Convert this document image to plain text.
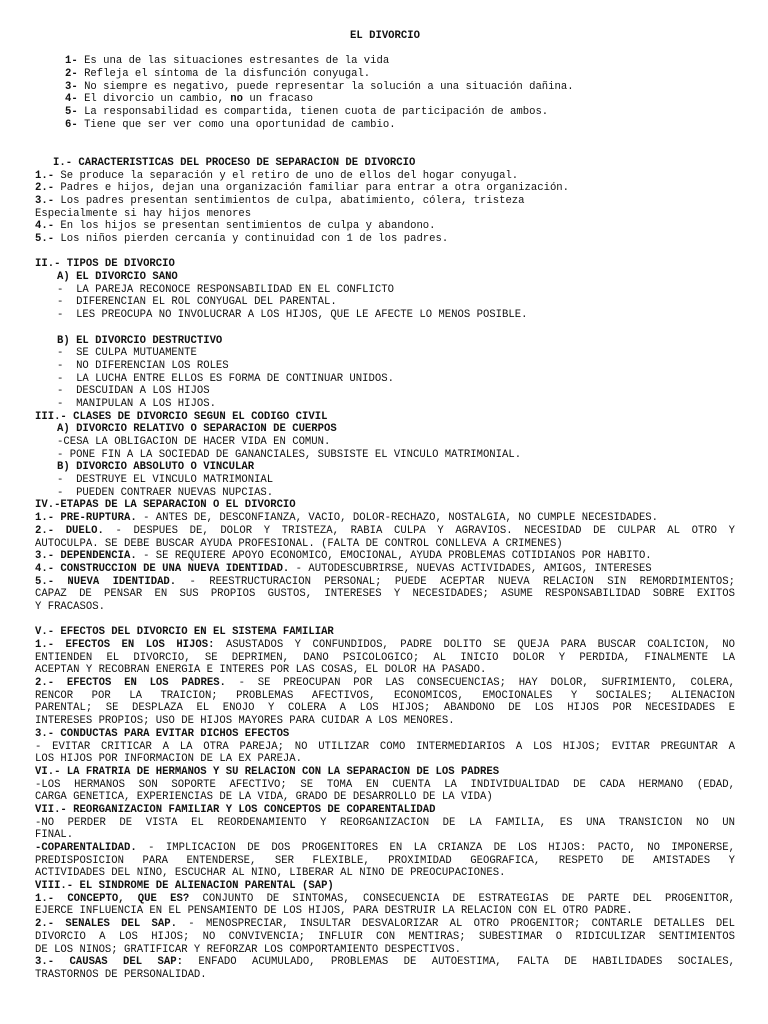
EL DIVORCIO
1- Es una de las situaciones estresantes de la vida
2- Refleja el síntoma de la disfunción conyugal.
3- No siempre es negativo, puede representar la solución a una situación dañina.
4- El divorcio un cambio, no un fracaso
5- La responsabilidad es compartida, tienen cuota de participación de ambos.
6- Tiene que ser ver como una oportunidad de cambio.
I.- CARACTERISTICAS DEL PROCESO DE SEPARACIÓN DE DIVORCIO
1.- Se produce la separación y el retiro de uno de ellos del hogar conyugal.
2.- Padres e hijos, dejan una organización familiar para entrar a otra organización.
3.- Los padres presentan sentimientos de culpa, abatimiento, cólera, tristeza
Especialmente si hay hijos menores
4.- En los hijos se presentan sentimientos de culpa y abandono.
5.- Los niños pierden cercanía y continuidad con 1 de los padres.
II.- TIPOS DE DIVORCIO
A) EL DIVORCIO SANO
-  LA PAREJA RECONOCE RESPONSABILIDAD EN EL CONFLICTO
-  DIFERENCIAN EL ROL CONYUGAL DEL PARENTAL.
-  LES PREOCUPA NO INVOLUCRAR A LOS HIJOS, QUE LE AFECTE LO MENOS POSIBLE.
B) EL DIVORCIO DESTRUCTIVO
-  SE CULPA MUTUAMENTE
-  NO DIFERENCIAN LOS ROLES
-  LA LUCHA ENTRE ELLOS ES FORMA DE CONTINUAR UNIDOS.
-  DESCUIDAN A LOS HIJOS
-  MANIPULAN A LOS HIJOS.
III.- CLASES DE DIVORCIO SEGÚN EL CÓDIGO CIVIL
A) DIVORCIO RELATIVO O SEPARACIÓN DE CUERPOS
-CESA LA OBLIGACIÓN DE HACER VIDA EN COMÚN.
- PONE FIN A LA SOCIEDAD DE GANANCIALES, SUBSISTE EL VÍNCULO MATRIMONIAL.
B) DIVORCIO ABSOLUTO O VINCULAR
-  DESTRUYE EL VÍNCULO MATRIMONIAL
-  PUEDEN CONTRAER NUEVAS NUPCIAS.
IV.-ETAPAS DE LA SEPARACIÓN O EL DIVORCIO
1.- PRE-RUPTURA. - ANTES DE, DESCONFIANZA, VACÍO, DOLOR-RECHAZO, NOSTALGIA, NO CUMPLE NECESIDADES.
2.- DUELO. - DESPUES DE, DOLOR Y TRISTEZA, RABIA CULPA Y AGRAVIOS. NECESIDAD DE CULPAR AL OTRO Y
AUTOCULPA. SE DEBE BUSCAR AYUDA PROFESIONAL. (FALTA DE CONTROL CONLLEVA A CRIMENES)
3.- DEPENDENCIA. - SE REQUIERE APOYO ECONOMICO, EMOCIONAL, AYUDA PROBLEMAS COTIDIANOS POR HÁBITO.
4.- CONSTRUCCIÓN DE UNA NUEVA IDENTIDAD. - AUTODESCUBRIRSE, NUEVAS ACTIVIDADES, AMIGOS, INTERESES
5.- NUEVA IDENTIDAD. - REESTRUCTURACIÓN PERSONAL; PUEDE ACEPTAR NUEVA RELACIÓN SIN REMORDIMIENTOS;
CAPAZ DE PENSAR EN SUS PROPIOS GUSTOS, INTERESES Y NECESIDADES; ASUME RESPONSABILIDAD SOBRE ÉXITOS
Y FRACASOS.
V.- EFECTOS DEL DIVORCIO EN EL SISTEMA FAMILIAR
1.- EFECTOS EN LOS HIJOS: ASUSTADOS Y CONFUNDIDOS, PADRE DOLITO SE QUEJA PARA BUSCAR COALICIÓN, NO
ENTIENDEN EL DIVORCIO, SE DEPRIMEN, DAÑO PSICOLOGICO; AL INICIO DOLOR Y PERDIDA, FINALMENTE LA
ACEPTAN Y RECOBRAN ENERGÍA E INTERÉS POR LAS COSAS, EL DOLOR HA PASADO.
2.- EFECTOS EN LOS PADRES. - SE PREOCUPAN POR LAS CONSECUENCIAS; HAY DOLOR, SUFRIMIENTO, COLERA,
RENCOR POR LA TRAICIÓN; PROBLEMAS AFECTIVOS, ECONOMICOS, EMOCIONALES Y SOCIALES; ALIENACIÓN
PARENTAL; SE DESPLAZA EL ENOJO Y CÓLERA A LOS HIJOS; ABANDONO DE LOS HIJOS POR NECESIDADES E
INTERESES PROPIOS; USO DE HIJOS MAYORES PARA CUIDAR A LOS MENORES.
3.- CONDUCTAS PARA EVITAR DICHOS EFECTOS
- EVITAR CRITICAR A LA OTRA PAREJA; NO UTILIZAR COMO INTERMEDIARIOS A LOS HIJOS; EVITAR PREGUNTAR A
LOS HIJOS POR INFORMACION DE LA EX PAREJA.
VI.- LA FRATRIA DE HERMANOS Y SU RELACIÓN CON LA SEPARACIÓN DE LOS PADRES
-LOS HERMANOS SON SOPORTE AFECTIVO; SE TOMA EN CUENTA LA INDIVIDUALIDAD DE CADA HERMANO (EDAD,
CARGA GENETICA, EXPERIENCIAS DE LA VIDA, GRADO DE DESARROLLO DE LA VIDA)
VII.- REORGANIZACIÓN FAMILIAR Y LOS CONCEPTOS DE COPARENTALIDAD
-NO PERDER DE VISTA EL REORDENAMIENTO Y REORGANIZACIÓN DE LA FAMILIA, ES UNA TRANSICIÓN NO UN
FINAL.
-COPARENTALIDAD. - IMPLICACIÓN DE DOS PROGENITORES EN LA CRIANZA DE LOS HIJOS: PACTO, NO IMPONERSE,
PREDISPOSICIÓN PARA ENTENDERSE, SER FLEXIBLE, PROXIMIDAD GEOGRAFICA, RESPETO DE AMISTADES Y
ACTIVIDADES DEL NIÑO, ESCUCHAR AL NIÑO, LIBERAR AL NIÑO DE PREOCUPACIONES.
VIII.- EL SÍNDROME DE ALIENACIÓN PARENTAL (SAP)
1.- CONCEPTO, QUE ES? CONJUNTO DE SINTOMAS, CONSECUENCIA DE ESTRATEGIAS DE PARTE DEL PROGENITOR,
EJERCE INFLUENCIA EN EL PENSAMIENTO DE LOS HIJOS, PARA DESTRUIR LA RELACION CON EL OTRO PADRE.
2.- SEÑALES DEL SAP. - MENOSPRECIAR, INSULTAR DESVALORIZAR AL OTRO PROGENITOR; CONTARLE DETALLES DEL
DIVORCIO A LOS HIJOS; NO CONVIVENCIA; INFLUIR CON MENTIRAS; SUBESTIMAR O RIDICULIZAR SENTIMIENTOS
DE LOS NIÑOS; GRATIFICAR Y REFORZAR LOS COMPORTAMIENTO DESPECTIVOS.
3.- CAUSAS DEL SAP: ENFADO ACUMULADO, PROBLEMAS DE AUTOESTIMA, FALTA DE HABILIDADES SOCIALES,
TRASTORNOS DE PERSONALIDAD.
